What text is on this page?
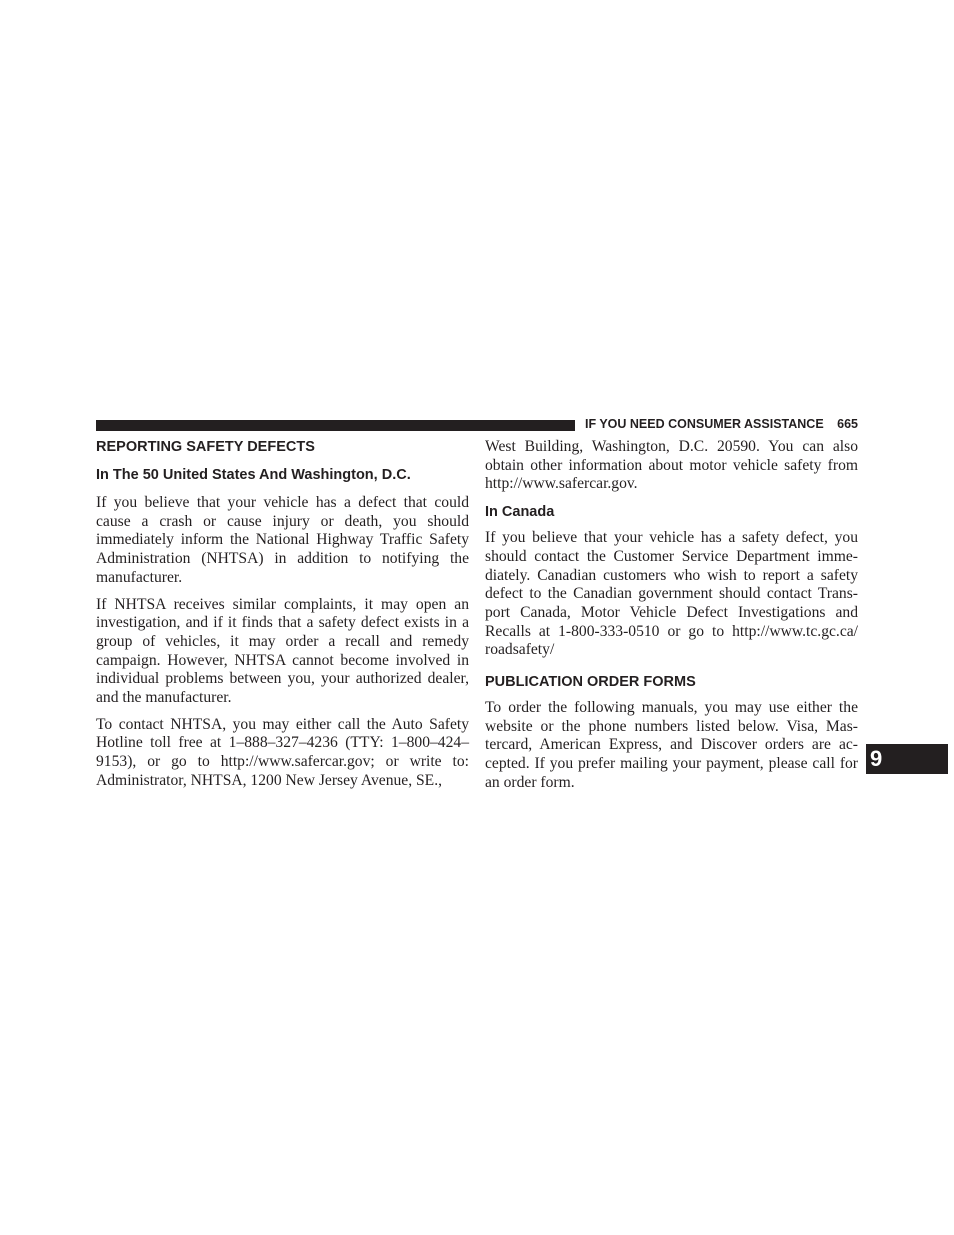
IF YOU NEED CONSUMER ASSISTANCE 665
REPORTING SAFETY DEFECTS
In The 50 United States And Washington, D.C.

If you believe that your vehicle has a defect that could cause a crash or cause injury or death, you should immediately inform the National Highway Traffic Safety Administration (NHTSA) in addition to notifying the manufacturer.

If NHTSA receives similar complaints, it may open an investigation, and if it finds that a safety defect exists in a group of vehicles, it may order a recall and remedy campaign. However, NHTSA cannot become involved in individual problems between you, your authorized dealer, and the manufacturer.

To contact NHTSA, you may either call the Auto Safety Hotline toll free at 1–888–327–4236 (TTY: 1–800–424–9153), or go to http://www.safercar.gov; or write to: Administrator, NHTSA, 1200 New Jersey Avenue, SE.,

West Building, Washington, D.C. 20590. You can also obtain other information about motor vehicle safety from http://www.safercar.gov.

In Canada

If you believe that your vehicle has a safety defect, you should contact the Customer Service Department immediately. Canadian customers who wish to report a safety defect to the Canadian government should contact Transport Canada, Motor Vehicle Defect Investigations and Recalls at 1-800-333-0510 or go to http://www.tc.gc.ca/ roadsafety/

PUBLICATION ORDER FORMS

To order the following manuals, you may use either the website or the phone numbers listed below. Visa, Mastercard, American Express, and Discover orders are accepted. If you prefer mailing your payment, please call for an order form.

9
